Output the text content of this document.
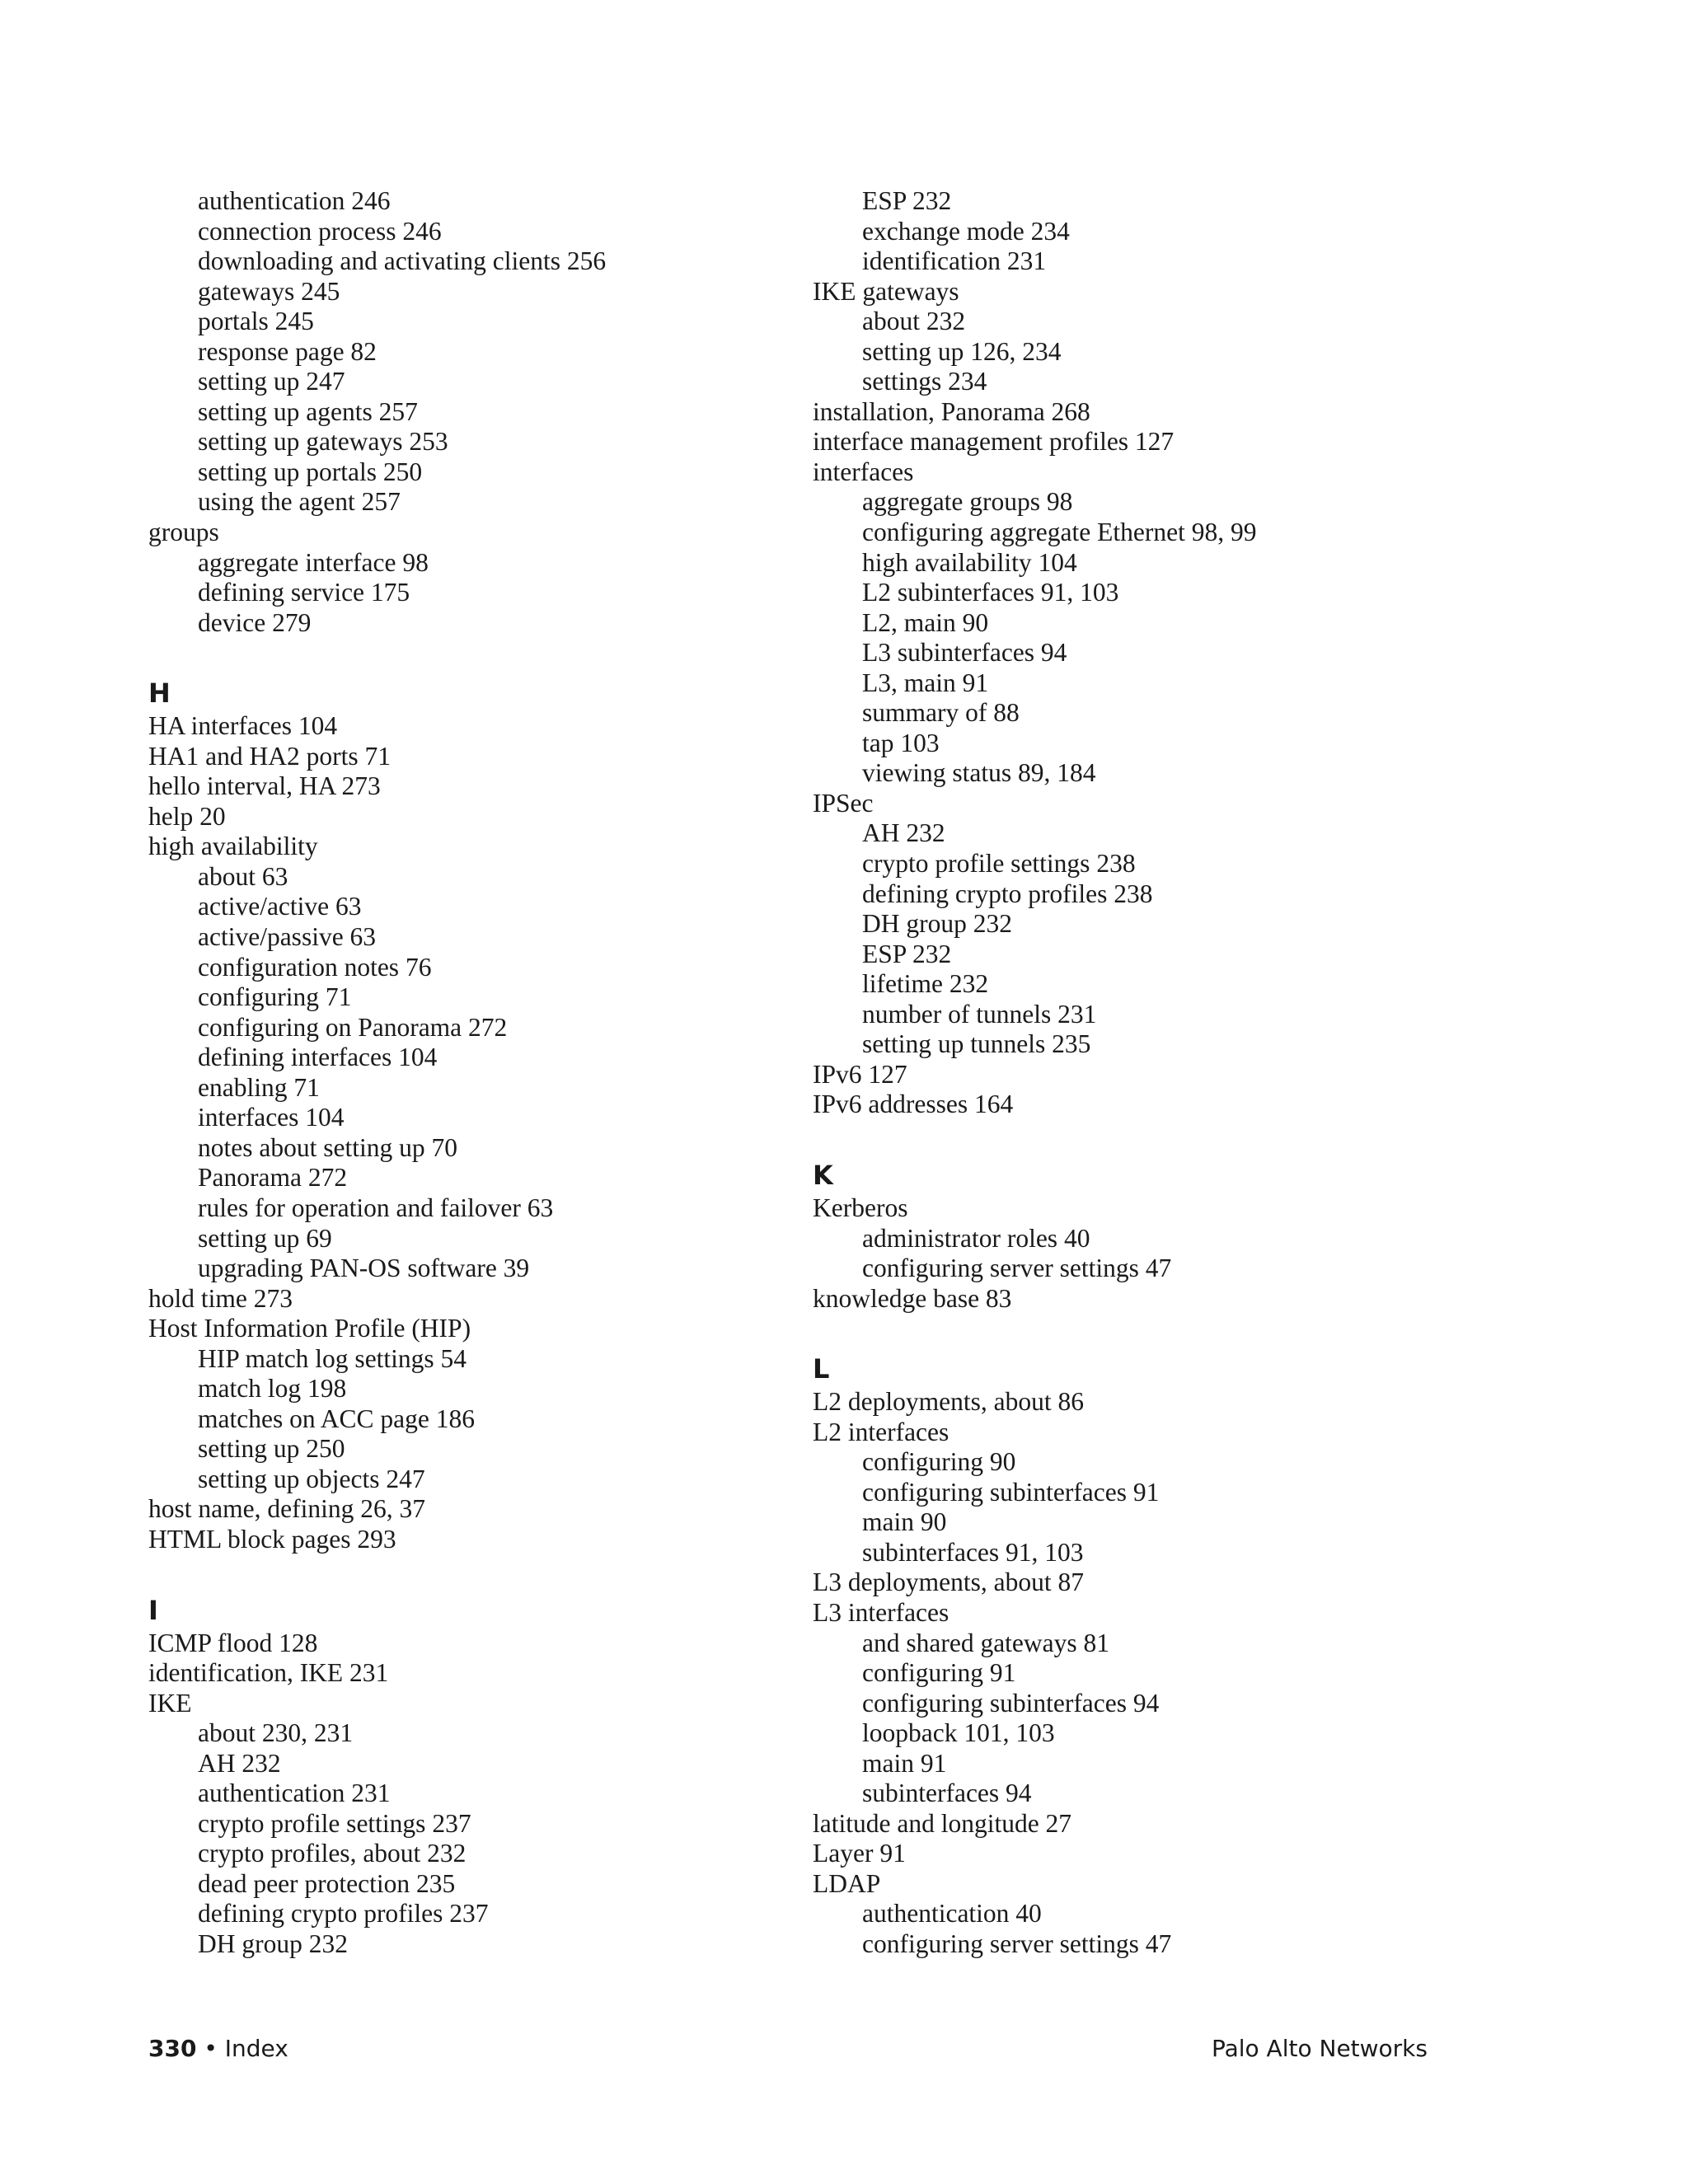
authentication 246
connection process 246
downloading and activating clients 256
gateways 245
portals 245
response page 82
setting up 247
setting up agents 257
setting up gateways 253
setting up portals 250
using the agent 257
groups
aggregate interface 98
defining service 175
device 279
H
HA interfaces 104
HA1 and HA2 ports 71
hello interval, HA 273
help 20
high availability
about 63
active/active 63
active/passive 63
configuration notes 76
configuring 71
configuring on Panorama 272
defining interfaces 104
enabling 71
interfaces 104
notes about setting up 70
Panorama 272
rules for operation and failover 63
setting up 69
upgrading PAN-OS software 39
hold time 273
Host Information Profile (HIP)
HIP match log settings 54
match log 198
matches on ACC page 186
setting up 250
setting up objects 247
host name, defining 26, 37
HTML block pages 293
I
ICMP flood 128
identification, IKE 231
IKE
about 230, 231
AH 232
authentication 231
crypto profile settings 237
crypto profiles, about 232
dead peer protection 235
defining crypto profiles 237
DH group 232
ESP 232
exchange mode 234
identification 231
IKE gateways
about 232
setting up 126, 234
settings 234
installation, Panorama 268
interface management profiles 127
interfaces
aggregate groups 98
configuring aggregate Ethernet 98, 99
high availability 104
L2 subinterfaces 91, 103
L2, main 90
L3 subinterfaces 94
L3, main 91
summary of 88
tap 103
viewing status 89, 184
IPSec
AH 232
crypto profile settings 238
defining crypto profiles 238
DH group 232
ESP 232
lifetime 232
number of tunnels 231
setting up tunnels 235
IPv6 127
IPv6 addresses 164
K
Kerberos
administrator roles 40
configuring server settings 47
knowledge base 83
L
L2 deployments, about 86
L2 interfaces
configuring 90
configuring subinterfaces 91
main 90
subinterfaces 91, 103
L3 deployments, about 87
L3 interfaces
and shared gateways 81
configuring 91
configuring subinterfaces 94
loopback 101, 103
main 91
subinterfaces 94
latitude and longitude 27
Layer 91
LDAP
authentication 40
configuring server settings 47
330 • Index	Palo Alto Networks
